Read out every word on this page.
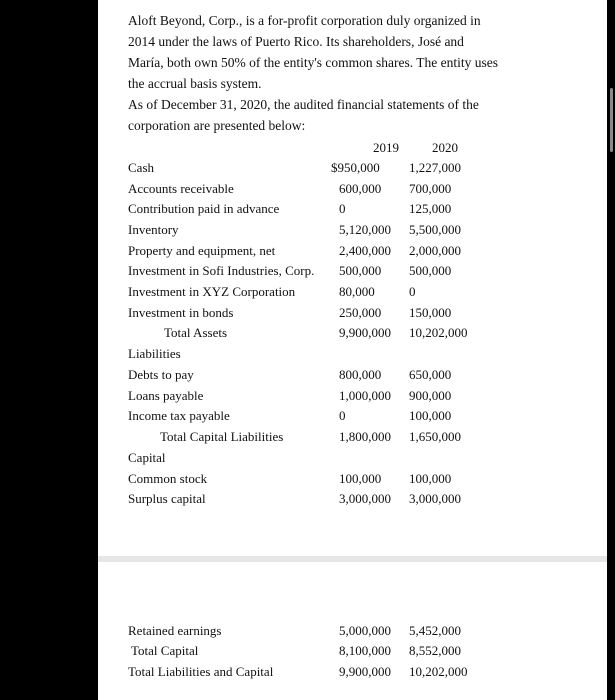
Aloft Beyond, Corp., is a for-profit corporation duly organized in 2014 under the laws of Puerto Rico. Its shareholders, José and María, both own 50% of the entity's common shares. The entity uses the accrual basis system.

As of December 31, 2020, the audited financial statements of the corporation are presented below:

2019	2020
Cash	$950,000 1,227,000
Accounts receivable	600,000 700,000
Contribution paid in advance	0	125,000
Inventory	5,120,000 5,500,000
Property and equipment, net	2,400,000 2,000,000
Investment in Sofi Industries, Corp. 500,000 500,000
Investment in XYZ Corporation	80,000	0
Investment in bonds	250,000 150,000
Total Assets	9,900,000 10,202,000
Liabilities
Debts to pay	800,000 650,000
Loans payable	1,000,000 900,000
Income tax payable	0	100,000
Total Capital Liabilities	1,800,000 1,650,000
Capital
Common stock	100,000 100,000
Surplus capital	3,000,000 3,000,000
Retained earnings	5,000,000 5,452,000
Total Capital	8,100,000 8,552,000
Total Liabilities and Capital	9,900,000 10,202,000
